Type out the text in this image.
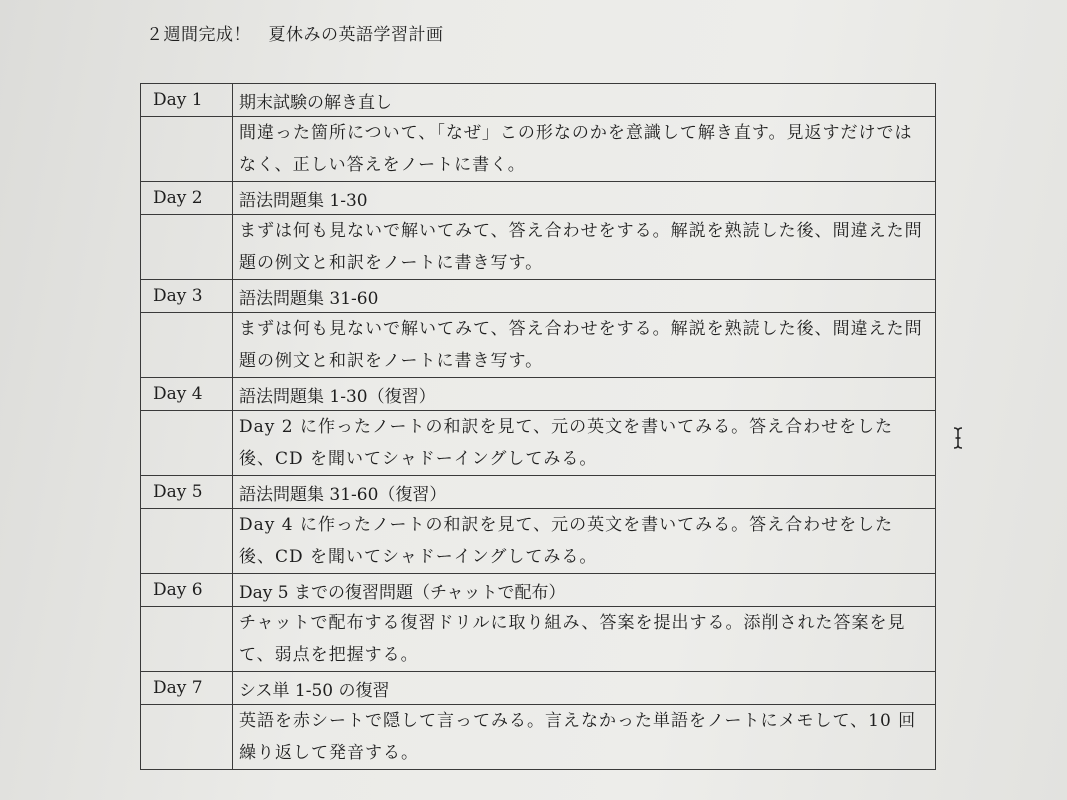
２週間完成！　夏休みの英語学習計画
Day 1	期末試験の解き直し
	間違った箇所について、「なぜ」この形なのかを意識して解き直す。見返すだけではなく、正しい答えをノートに書く。
Day 2	語法問題集 1-30
	まずは何も見ないで解いてみて、答え合わせをする。解説を熟読した後、間違えた問題の例文と和訳をノートに書き写す。
Day 3	語法問題集 31-60
	まずは何も見ないで解いてみて、答え合わせをする。解説を熟読した後、間違えた問題の例文と和訳をノートに書き写す。
Day 4	語法問題集 1-30（復習）
	Day 2 に作ったノートの和訳を見て、元の英文を書いてみる。答え合わせをした後、CD を聞いてシャドーイングしてみる。
Day 5	語法問題集 31-60（復習）
	Day 4 に作ったノートの和訳を見て、元の英文を書いてみる。答え合わせをした後、CD を聞いてシャドーイングしてみる。
Day 6	Day 5 までの復習問題（チャットで配布）
	チャットで配布する復習ドリルに取り組み、答案を提出する。添削された答案を見て、弱点を把握する。
Day 7	シス単 1-50 の復習
	英語を赤シートで隠して言ってみる。言えなかった単語をノートにメモして、10 回繰り返して発音する。
